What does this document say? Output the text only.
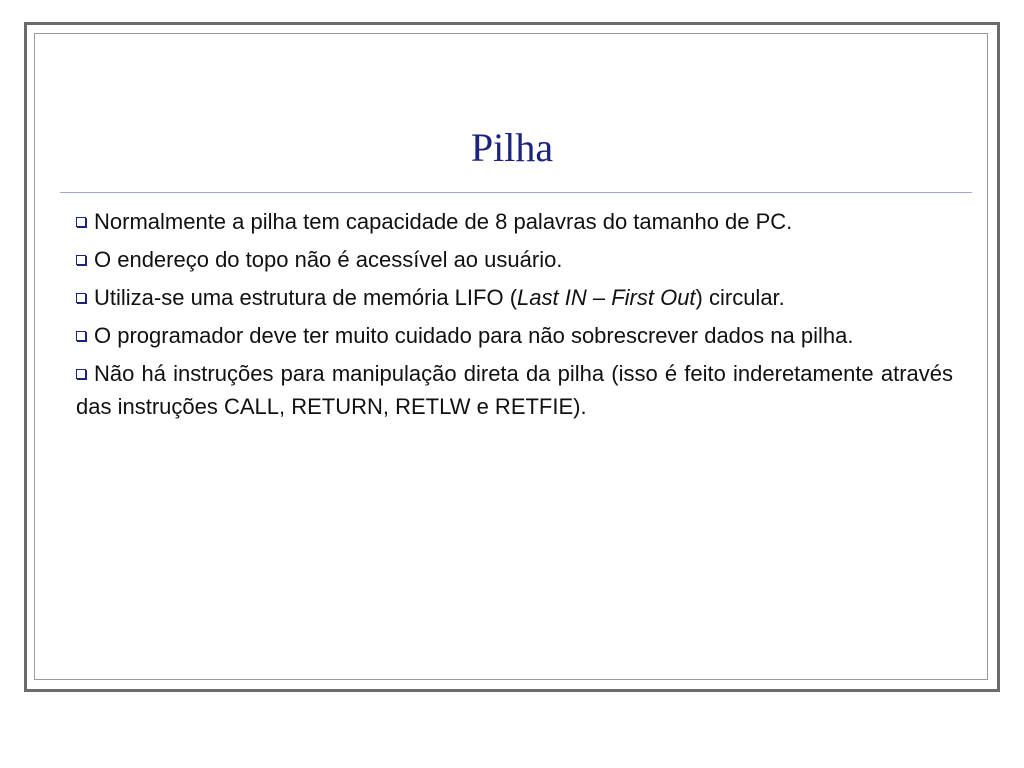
Pilha
Normalmente a pilha tem capacidade de 8 palavras do tamanho de PC.
O endereço do topo não é acessível ao usuário.
Utiliza-se uma estrutura de memória LIFO (Last IN – First Out) circular.
O programador deve ter muito cuidado para não sobrescrever dados na pilha.
Não há instruções para manipulação direta da pilha (isso é feito inderetamente através das instruções CALL, RETURN, RETLW e RETFIE).
